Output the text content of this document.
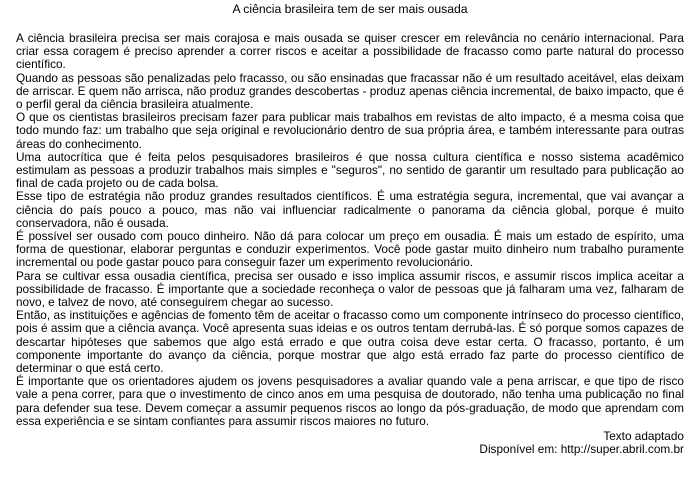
A ciência brasileira tem de ser mais ousada

A ciência brasileira precisa ser mais corajosa e mais ousada se quiser crescer em relevância no cenário internacional. Para criar essa coragem é preciso aprender a correr riscos e aceitar a possibilidade de fracasso como parte natural do processo científico.

Quando as pessoas são penalizadas pelo fracasso, ou são ensinadas que fracassar não é um resultado aceitável, elas deixam de arriscar. E quem não arrisca, não produz grandes descobertas - produz apenas ciência incremental, de baixo impacto, que é o perfil geral da ciência brasileira atualmente.

O que os cientistas brasileiros precisam fazer para publicar mais trabalhos em revistas de alto impacto, é a mesma coisa que todo mundo faz: um trabalho que seja original e revolucionário dentro de sua própria área, e também interessante para outras áreas do conhecimento.

Uma autocrítica que é feita pelos pesquisadores brasileiros é que nossa cultura científica e nosso sistema acadêmico estimulam as pessoas a produzir trabalhos mais simples e "seguros", no sentido de garantir um resultado para publicação ao final de cada projeto ou de cada bolsa.

Esse tipo de estratégia não produz grandes resultados científicos. É uma estratégia segura, incremental, que vai avançar a ciência do país pouco a pouco, mas não vai influenciar radicalmente o panorama da ciência global, porque é muito conservadora, não é ousada.

É possível ser ousado com pouco dinheiro. Não dá para colocar um preço em ousadia. É mais um estado de espírito, uma forma de questionar, elaborar perguntas e conduzir experimentos. Você pode gastar muito dinheiro num trabalho puramente incremental ou pode gastar pouco para conseguir fazer um experimento revolucionário.

Para se cultivar essa ousadia científica, precisa ser ousado e isso implica assumir riscos, e assumir riscos implica aceitar a possibilidade de fracasso. É importante que a sociedade reconheça o valor de pessoas que já falharam uma vez, falharam de novo, e talvez de novo, até conseguirem chegar ao sucesso.

Então, as instituições e agências de fomento têm de aceitar o fracasso como um componente intrínseco do processo científico, pois é assim que a ciência avança. Você apresenta suas ideias e os outros tentam derrubá-las. É só porque somos capazes de descartar hipóteses que sabemos que algo está errado e que outra coisa deve estar certa. O fracasso, portanto, é um componente importante do avanço da ciência, porque mostrar que algo está errado faz parte do processo científico de determinar o que está certo.

É importante que os orientadores ajudem os jovens pesquisadores a avaliar quando vale a pena arriscar, e que tipo de risco vale a pena correr, para que o investimento de cinco anos em uma pesquisa de doutorado, não tenha uma publicação no final para defender sua tese. Devem começar a assumir pequenos riscos ao longo da pós-graduação, de modo que aprendam com essa experiência e se sintam confiantes para assumir riscos maiores no futuro.

Texto adaptado
Disponível em: http://super.abril.com.br
